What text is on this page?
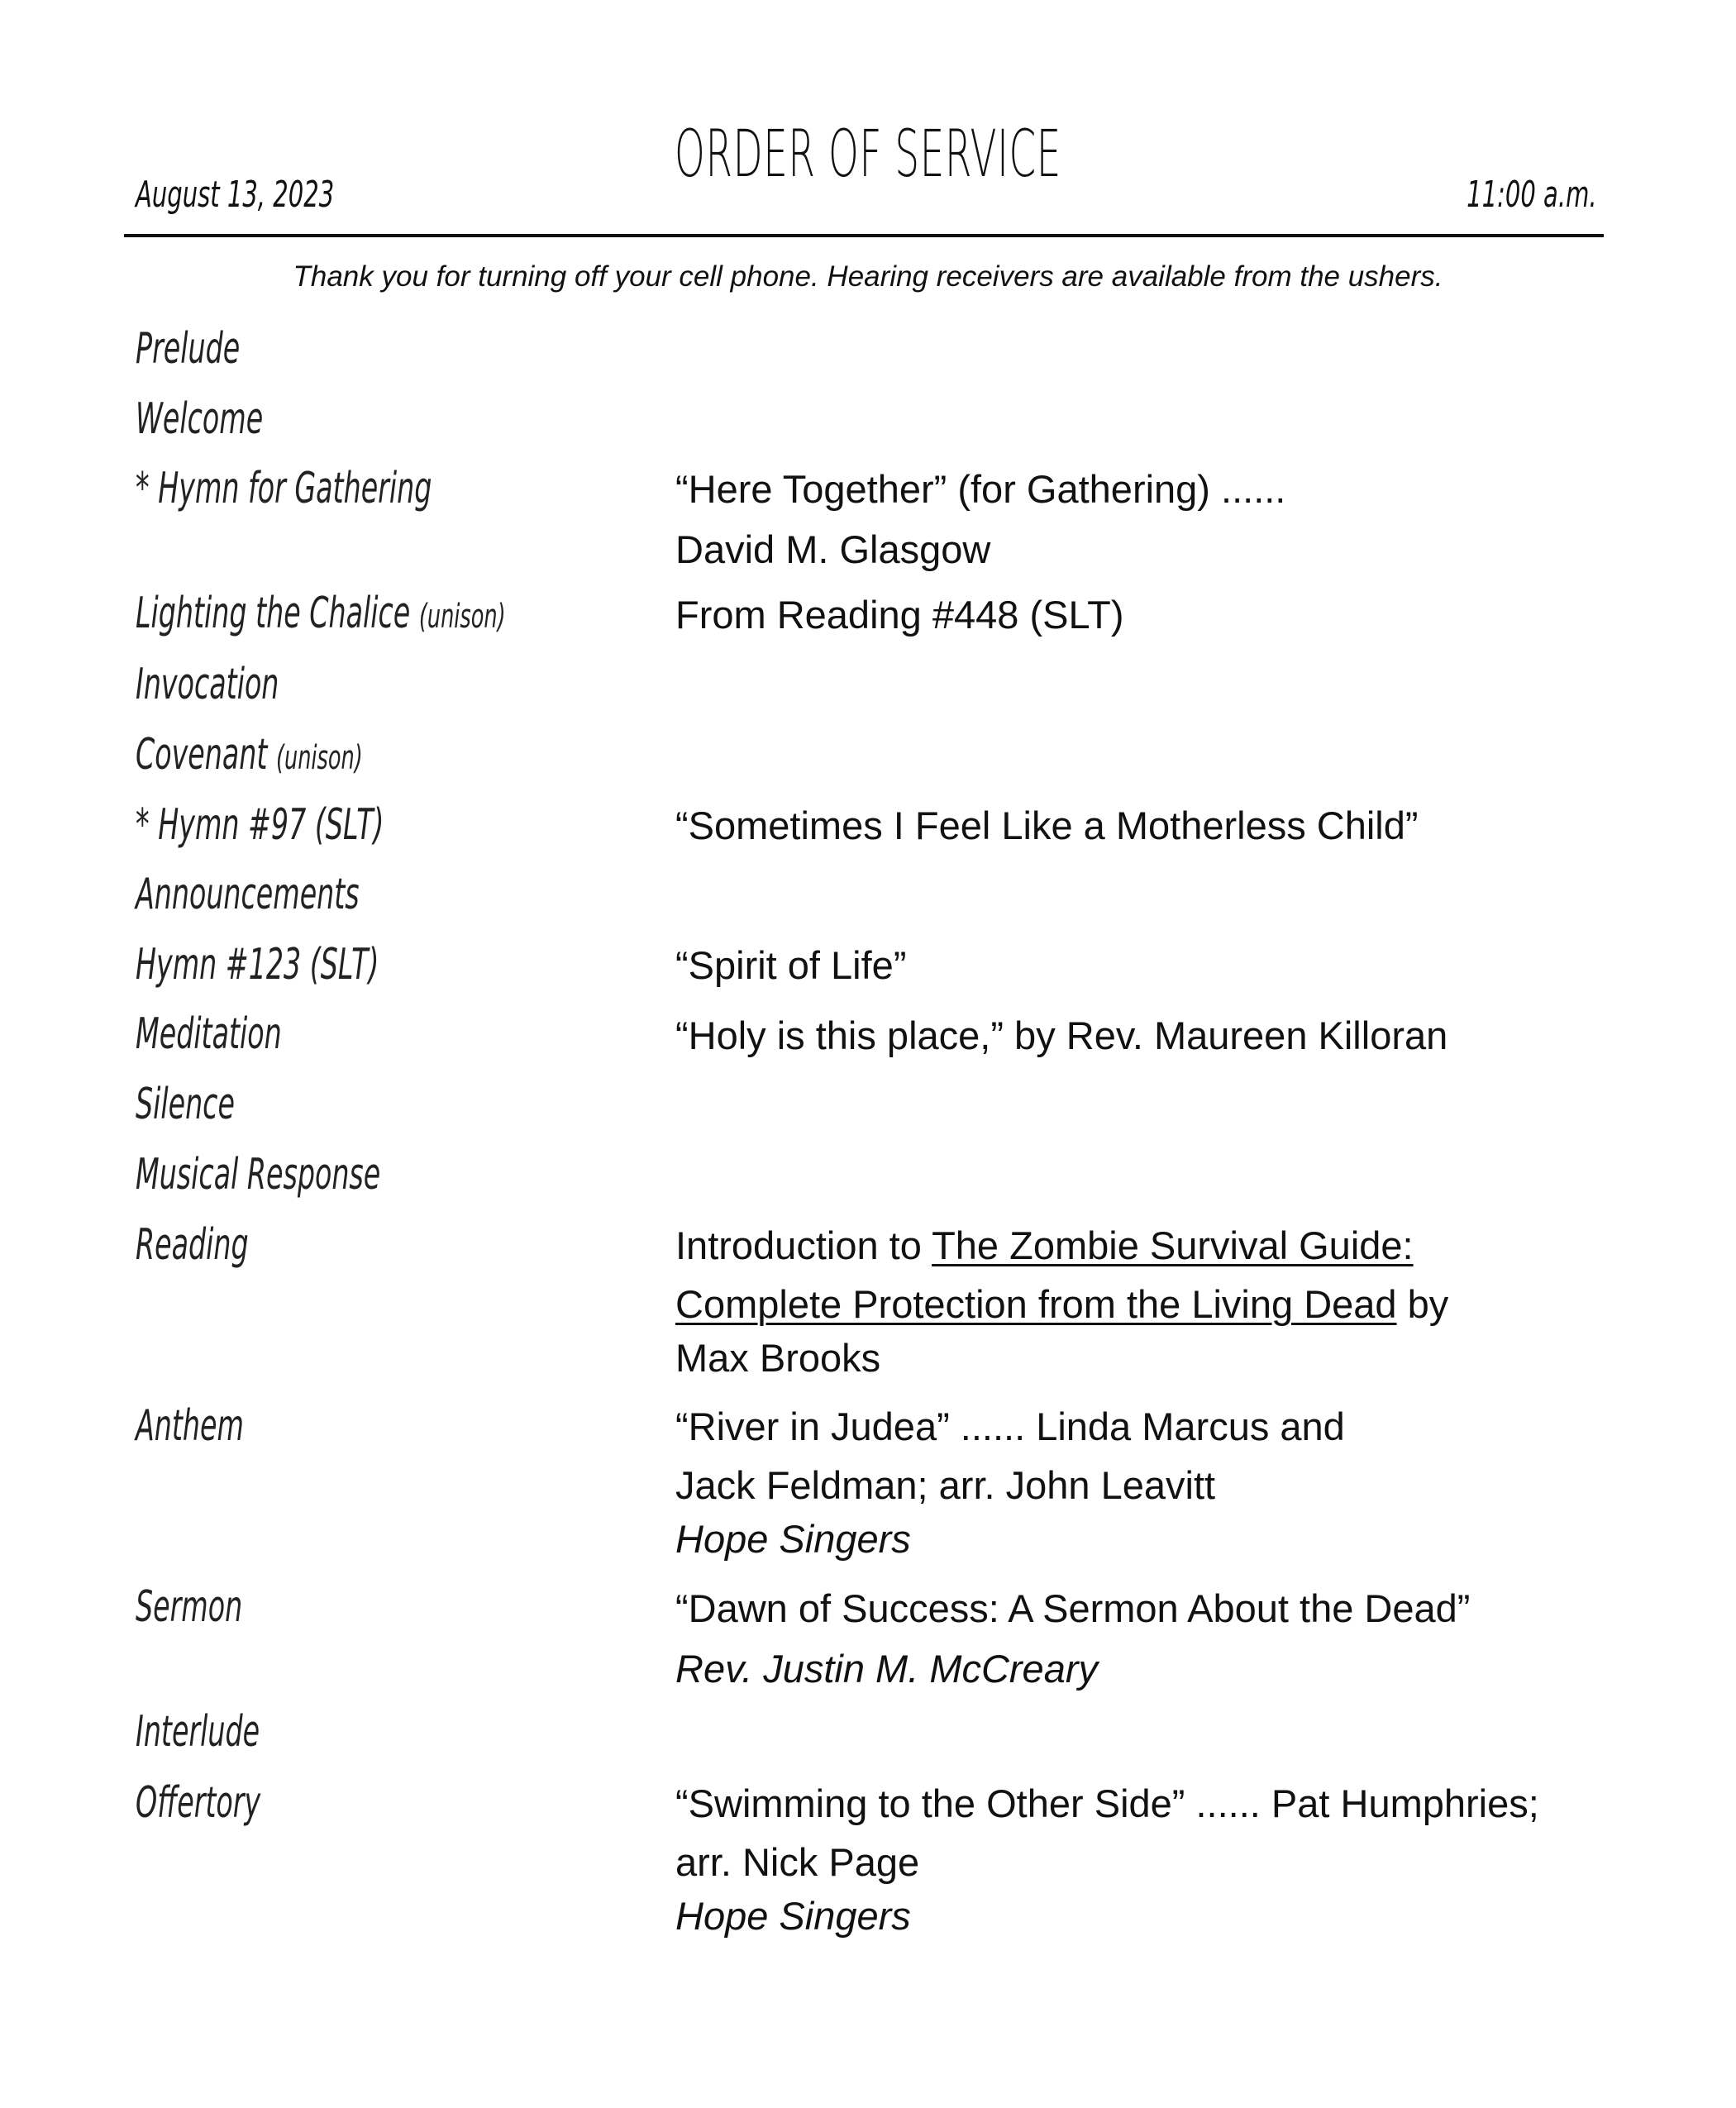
ORDER OF SERVICE
August 13, 2023	11:00 a.m.
Thank you for turning off your cell phone. Hearing receivers are available from the ushers.
Prelude
Welcome
* Hymn for Gathering
Lighting the Chalice (unison)
Invocation
Covenant (unison)
* Hymn #97 (SLT)
Announcements
Hymn #123 (SLT)
Meditation
Silence
Musical Response
Reading
Anthem
Sermon
Interlude
Offertory
“Here Together” (for Gathering) ......
David M. Glasgow
From Reading #448 (SLT)
“Sometimes I Feel Like a Motherless Child”
“Spirit of Life”
“Holy is this place,” by Rev. Maureen Killoran
Introduction to The Zombie Survival Guide:
Complete Protection from the Living Dead by
Max Brooks
“River in Judea” ...... Linda Marcus and
Jack Feldman; arr. John Leavitt
Hope Singers
“Dawn of Success: A Sermon About the Dead”
Rev. Justin M. McCreary
“Swimming to the Other Side” ...... Pat Humphries;
arr. Nick Page
Hope Singers
